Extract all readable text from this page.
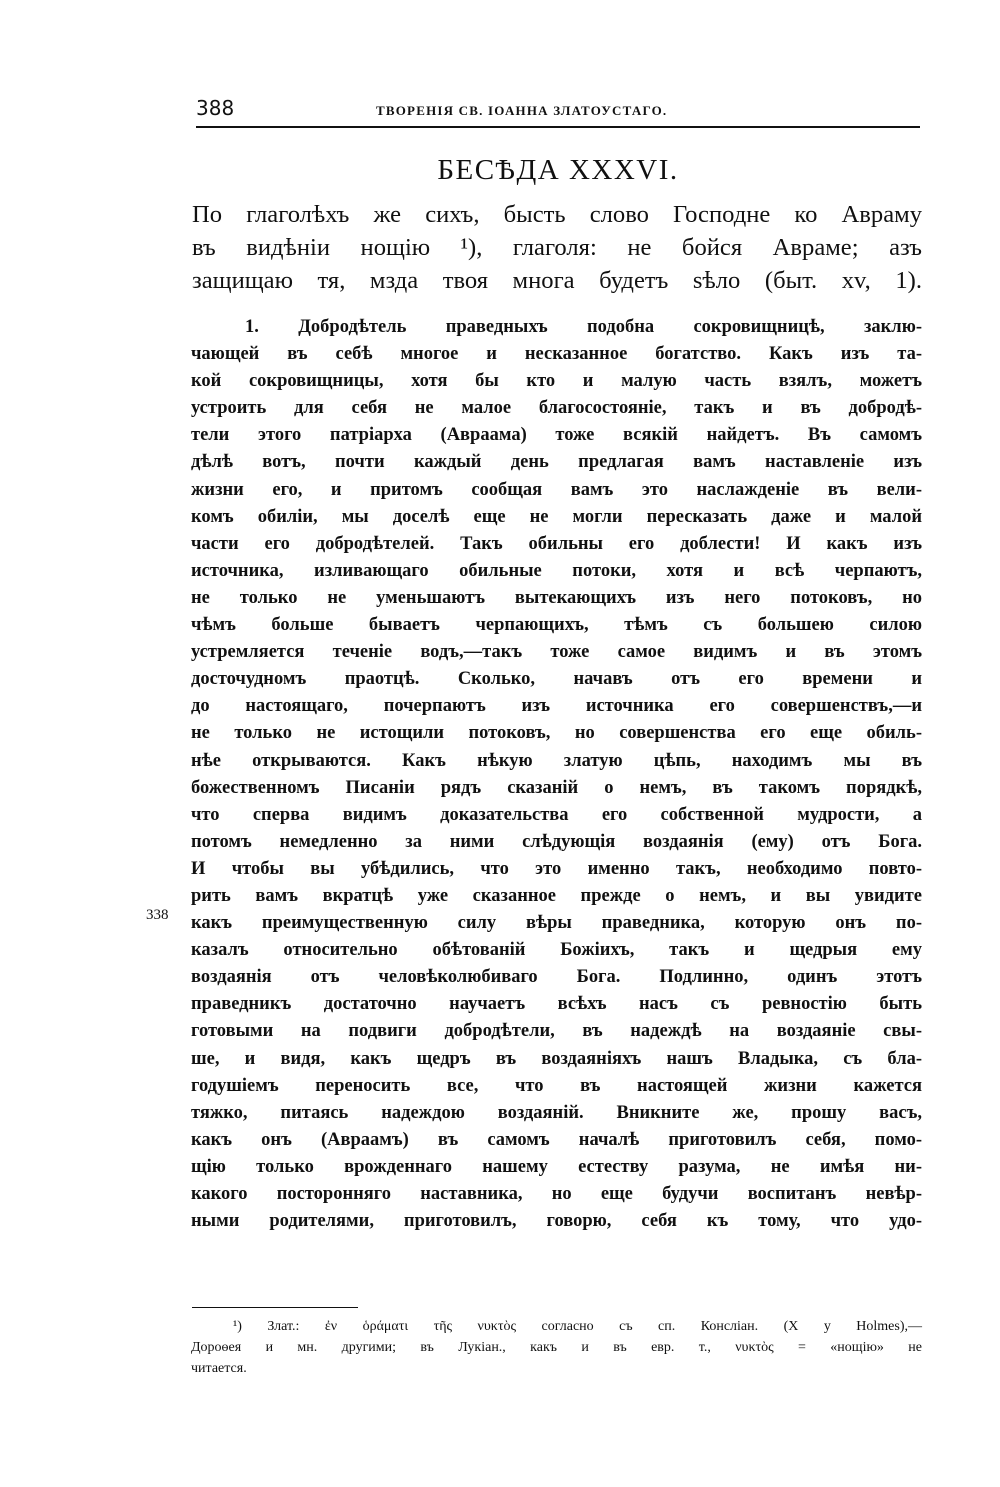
388	ТВОРЕНІЯ СВ. ІОАННА ЗЛАТОУСТАГО.
БЕСѢДА XXXVI.
По глаголѣхъ же сихъ, бысть слово Господне ко Авраму
въ видѣніи нощію ¹), глаголя: не бойся Авраме; азъ
защищаю тя, мзда твоя многа будетъ ѕѣло (быт. xv, 1).
1. Добродѣтель праведныхъ подобна сокровищницѣ, заклю-
чающей въ себѣ многое и несказанное богатство. Какъ изъ та-
кой сокровищницы, хотя бы кто и малую часть взялъ, можетъ
устроить для себя не малое благосостояніе, такъ и въ добродѣ-
тели этого патріарха (Авраама) тоже всякій найдетъ. Въ самомъ
дѣлѣ вотъ, почти каждый день предлагая вамъ наставленіе изъ
жизни его, и притомъ сообщая вамъ это наслажденіе въ вели-
комъ обиліи, мы доселѣ еще не могли пересказать даже и малой
части его добродѣтелей. Такъ обильны его доблести! И какъ изъ
источника, изливающаго обильные потоки, хотя и всѣ черпаютъ,
не только не уменьшаютъ вытекающихъ изъ него потоковъ, но
чѣмъ больше бываетъ черпающихъ, тѣмъ съ большею силою
устремляется теченіе водъ,—такъ тоже самое видимъ и въ этомъ
досточудномъ праотцѣ. Сколько, начавъ отъ его времени и
до настоящаго, почерпаютъ изъ источника его совершенствъ,—и
не только не истощили потоковъ, но совершенства его еще обиль-
нѣе открываются. Какъ нѣкую златую цѣпь, находимъ мы въ
божественномъ Писаніи рядъ сказаній о немъ, въ такомъ порядкѣ,
что сперва видимъ доказательства его собственной мудрости, а
потомъ немедленно за ними слѣдующія воздаянія (ему) отъ Бога.
И чтобы вы убѣдились, что это именно такъ, необходимо повто-
рить вамъ вкратцѣ уже сказанное прежде о немъ, и вы увидите
какъ преимущественную силу вѣры праведника, которую онъ по-
казалъ относительно обѣтованій Божіихъ, такъ и щедрыя ему
воздаянія отъ человѣколюбиваго Бога. Подлинно, одинъ этотъ
праведникъ достаточно научаетъ всѣхъ насъ съ ревностію быть
готовыми на подвиги добродѣтели, въ надеждѣ на воздаяніе свы-
ше, и видя, какъ щедръ въ воздаяніяхъ нашъ Владыка, съ бла-
годушіемъ переносить все, что въ настоящей жизни кажется
тяжко, питаясь надеждою воздаяній. Вникните же, прошу васъ,
какъ онъ (Авраамъ) въ самомъ началѣ приготовилъ себя, помо-
щію только врожденнаго нашему естеству разума, не имѣя ни-
какого посторонняго наставника, но еще будучи воспитанъ невѣр-
ными родителями, приготовилъ, говорю, себя къ тому, что удо-
338
¹) Злат.: ἐν ὁράματι τῆς νυκτὸς согласно съ сп. Конслiан. (X у Holmes),—
Дороѳея и мн. другими; въ Лукіан., какъ и въ евр. т., νυκτὸς = «нощію» не
читается.
